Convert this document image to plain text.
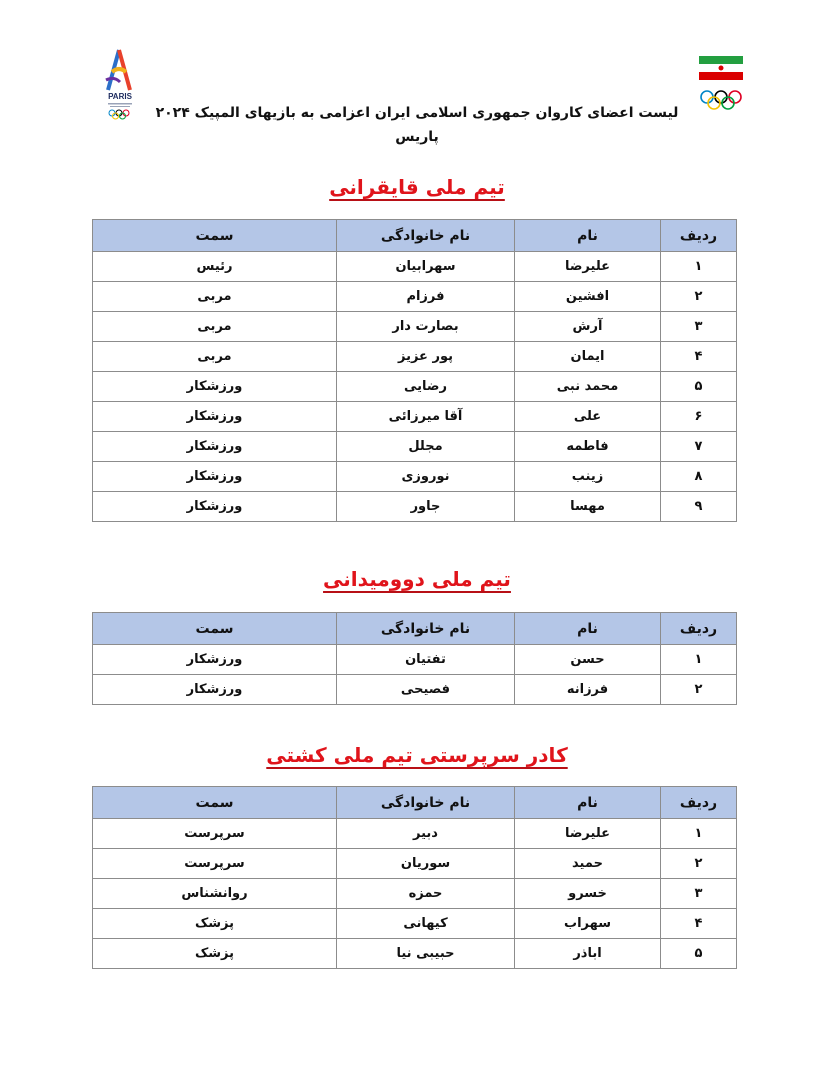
PARIS
لیست اعضای کاروان جمهوری اسلامی ایران اعزامی به بازیهای المپیک ۲۰۲۴ پاریس
تیم ملی قایقرانی
ردیف	نام	نام خانوادگی	سمت
۱	علیرضا	سهرابیان	رئیس
۲	افشین	فرزام	مربی
۳	آرش	بصارت دار	مربی
۴	ایمان	پور عزیز	مربی
۵	محمد نبی	رضایی	ورزشکار
۶	علی	آقا میرزائی	ورزشکار
۷	فاطمه	مجلل	ورزشکار
۸	زینب	نوروزی	ورزشکار
۹	مهسا	جاور	ورزشکار
تیم ملی دوومیدانی
ردیف	نام	نام خانوادگی	سمت
۱	حسن	تفتیان	ورزشکار
۲	فرزانه	فصیحی	ورزشکار
کادر سرپرستی تیم ملی کشتی
ردیف	نام	نام خانوادگی	سمت
۱	علیرضا	دبیر	سرپرست
۲	حمید	سوریان	سرپرست
۳	خسرو	حمزه	روانشناس
۴	سهراب	کیهانی	پزشک
۵	اباذر	حبیبی نیا	پزشک
